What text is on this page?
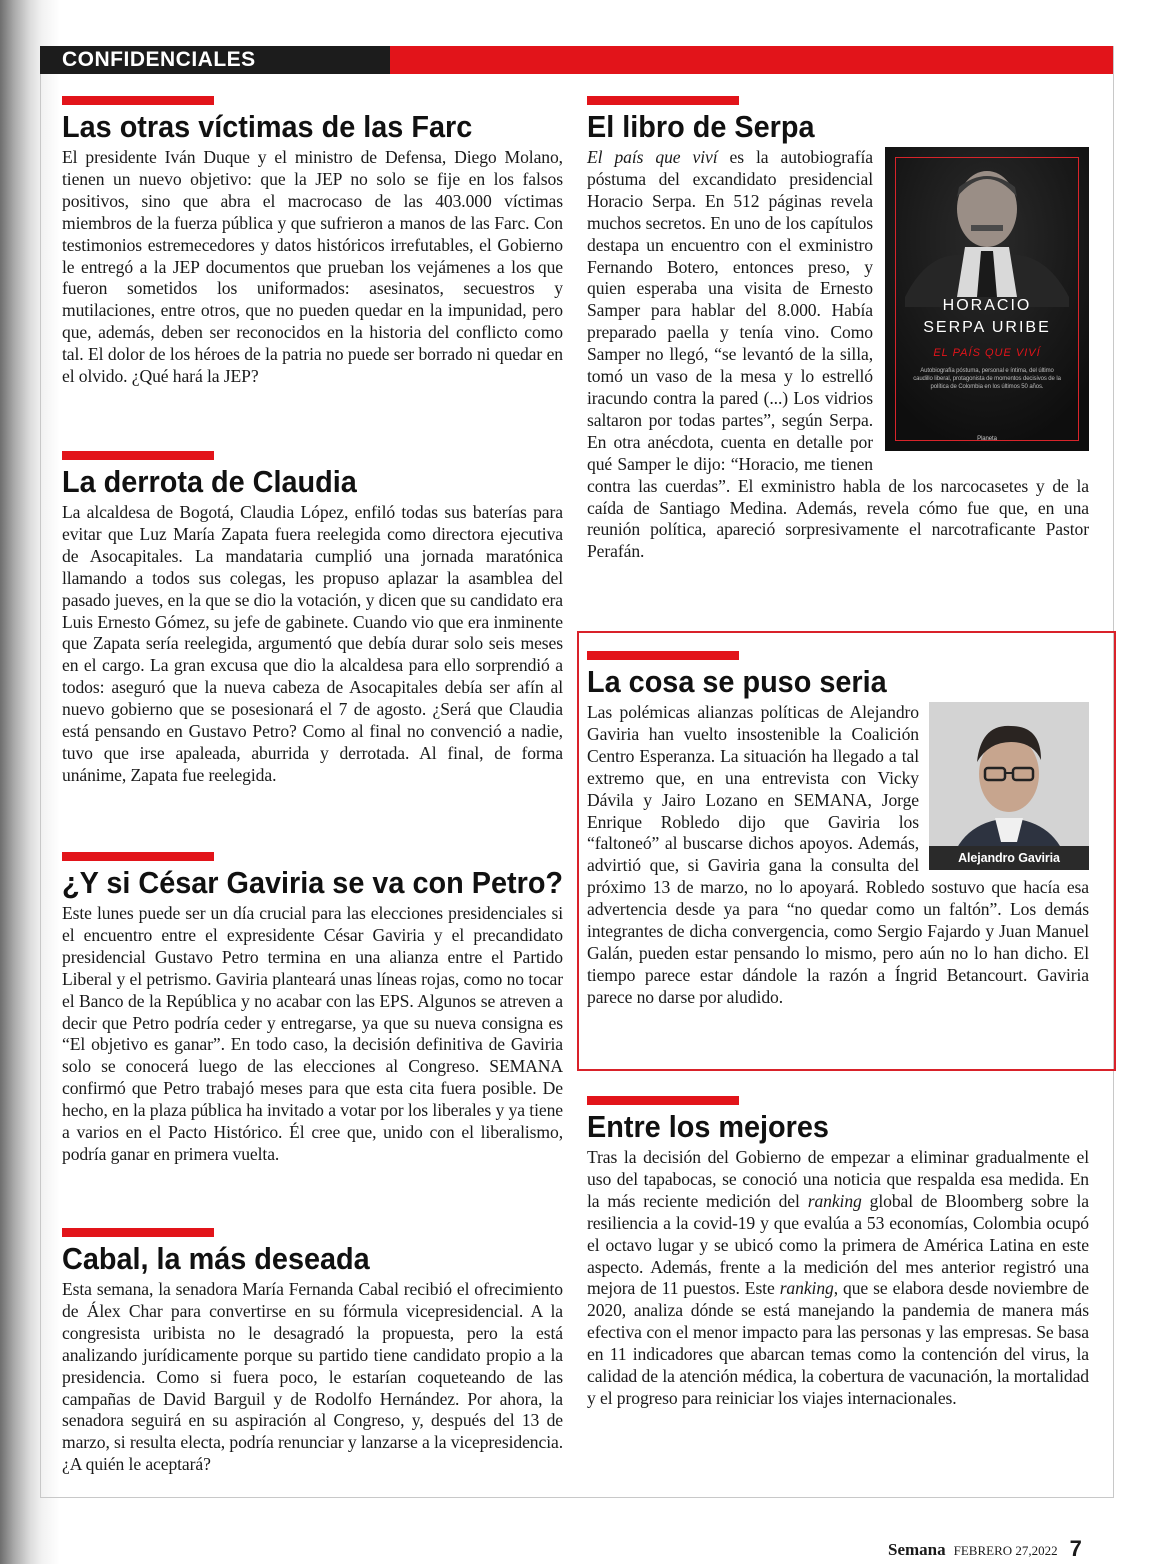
CONFIDENCIALES
Las otras víctimas de las Farc

El presidente Iván Duque y el ministro de Defensa, Diego Molano, tienen un nuevo objetivo: que la JEP no solo se fije en los falsos positivos, sino que abra el macrocaso de las 403.000 víctimas miembros de la fuerza pública y que sufrieron a manos de las Farc. Con testimonios estremecedores y datos históricos irrefutables, el Gobierno le entregó a la JEP documentos que prueban los vejámenes a los que fueron sometidos los uniformados: asesinatos, secuestros y mutilaciones, entre otros, que no pueden quedar en la impunidad, pero que, además, deben ser reconocidos en la historia del conflicto como tal. El dolor de los héroes de la patria no puede ser borrado ni quedar en el olvido. ¿Qué hará la JEP?

La derrota de Claudia

La alcaldesa de Bogotá, Claudia López, enfiló todas sus baterías para evitar que Luz María Zapata fuera reelegida como directora ejecutiva de Asocapitales. La mandataria cumplió una jornada maratónica llamando a todos sus colegas, les propuso aplazar la asamblea del pasado jueves, en la que se dio la votación, y dicen que su candidato era Luis Ernesto Gómez, su jefe de gabinete. Cuando vio que era inminente que Zapata sería reelegida, argumentó que debía durar solo seis meses en el cargo. La gran excusa que dio la alcaldesa para ello sorprendió a todos: aseguró que la nueva cabeza de Asocapitales debía ser afín al nuevo gobierno que se posesionará el 7 de agosto. ¿Será que Claudia está pensando en Gustavo Petro? Como al final no convenció a nadie, tuvo que irse apaleada, aburrida y derrotada. Al final, de forma unánime, Zapata fue reelegida.

¿Y si César Gaviria se va con Petro?

Este lunes puede ser un día crucial para las elecciones presidenciales si el encuentro entre el expresidente César Gaviria y el precandidato presidencial Gustavo Petro termina en una alianza entre el Partido Liberal y el petrismo. Gaviria planteará unas líneas rojas, como no tocar el Banco de la República y no acabar con las EPS. Algunos se atreven a decir que Petro podría ceder y entregarse, ya que su nueva consigna es “El objetivo es ganar”. En todo caso, la decisión definitiva de Gaviria solo se conocerá luego de las elecciones al Congreso. SEMANA confirmó que Petro trabajó meses para que esta cita fuera posible. De hecho, en la plaza pública ha invitado a votar por los liberales y ya tiene a varios en el Pacto Histórico. Él cree que, unido con el liberalismo, podría ganar en primera vuelta.

Cabal, la más deseada

Esta semana, la senadora María Fernanda Cabal recibió el ofrecimiento de Álex Char para convertirse en su fórmula vicepresidencial. A la congresista uribista no le desagradó la propuesta, pero la está analizando jurídicamente porque su partido tiene candidato propio a la presidencia. Como si fuera poco, le estarían coqueteando de las campañas de David Barguil y de Rodolfo Hernández. Por ahora, la senadora seguirá en su aspiración al Congreso, y, después del 13 de marzo, si resulta electa, podría renunciar y lanzarse a la vicepresidencia. ¿A quién le aceptará?

El libro de Serpa
HORACIO
SERPA URIBE
EL PAÍS QUE VIVÍ
Autobiografía póstuma, personal e íntima, del último caudillo liberal, protagonista de momentos decisivos de la política de Colombia en los últimos 50 años.
Planeta
El país que viví es la autobiografía póstuma del excandidato presidencial Horacio Serpa. En 512 páginas revela muchos secretos. En uno de los capítulos destapa un encuentro con el exministro Fernando Botero, entonces preso, y quien esperaba una visita de Ernesto Samper para hablar del 8.000. Había preparado paella y tenía vino. Como Samper no llegó, “se levantó de la silla, tomó un vaso de la mesa y lo estrelló iracundo contra la pared (...) Los vidrios saltaron por todas partes”, según Serpa. En otra anécdota, cuenta en detalle por qué Samper le dijo: “Horacio, me tienen contra las cuerdas”. El exministro habla de los narcocasetes y de la caída de Santiago Medina. Además, revela cómo fue que, en una reunión política, apareció sorpresivamente el narcotraficante Pastor Perafán.
La cosa se puso seria
Alejandro Gaviria
Las polémicas alianzas políticas de Alejandro Gaviria han vuelto insostenible la Coalición Centro Esperanza. La situación ha llegado a tal extremo que, en una entrevista con Vicky Dávila y Jairo Lozano en SEMANA, Jorge Enrique Robledo dijo que Gaviria los “faltoneó” al buscarse dichos apoyos. Además, advirtió que, si Gaviria gana la consulta del próximo 13 de marzo, no lo apoyará. Robledo sostuvo que hacía esa advertencia desde ya para “no quedar como un faltón”. Los demás integrantes de dicha convergencia, como Sergio Fajardo y Juan Manuel Galán, pueden estar pensando lo mismo, pero aún no lo han dicho. El tiempo parece estar dándole la razón a Íngrid Betancourt. Gaviria parece no darse por aludido.
Entre los mejores

Tras la decisión del Gobierno de empezar a eliminar gradualmente el uso del tapabocas, se conoció una noticia que respalda esa medida. En la más reciente medición del ranking global de Bloomberg sobre la resiliencia a la covid-19 y que evalúa a 53 economías, Colombia ocupó el octavo lugar y se ubicó como la primera de América Latina en este aspecto. Además, frente a la medición del mes anterior registró una mejora de 11 puestos. Este ranking, que se elabora desde noviembre de 2020, analiza dónde se está manejando la pandemia de manera más efectiva con el menor impacto para las personas y las empresas. Se basa en 11 indicadores que abarcan temas como la contención del virus, la calidad de la atención médica, la cobertura de vacunación, la mortalidad y el progreso para reiniciar los viajes internacionales.

Semana FEBRERO 27,2022 7
